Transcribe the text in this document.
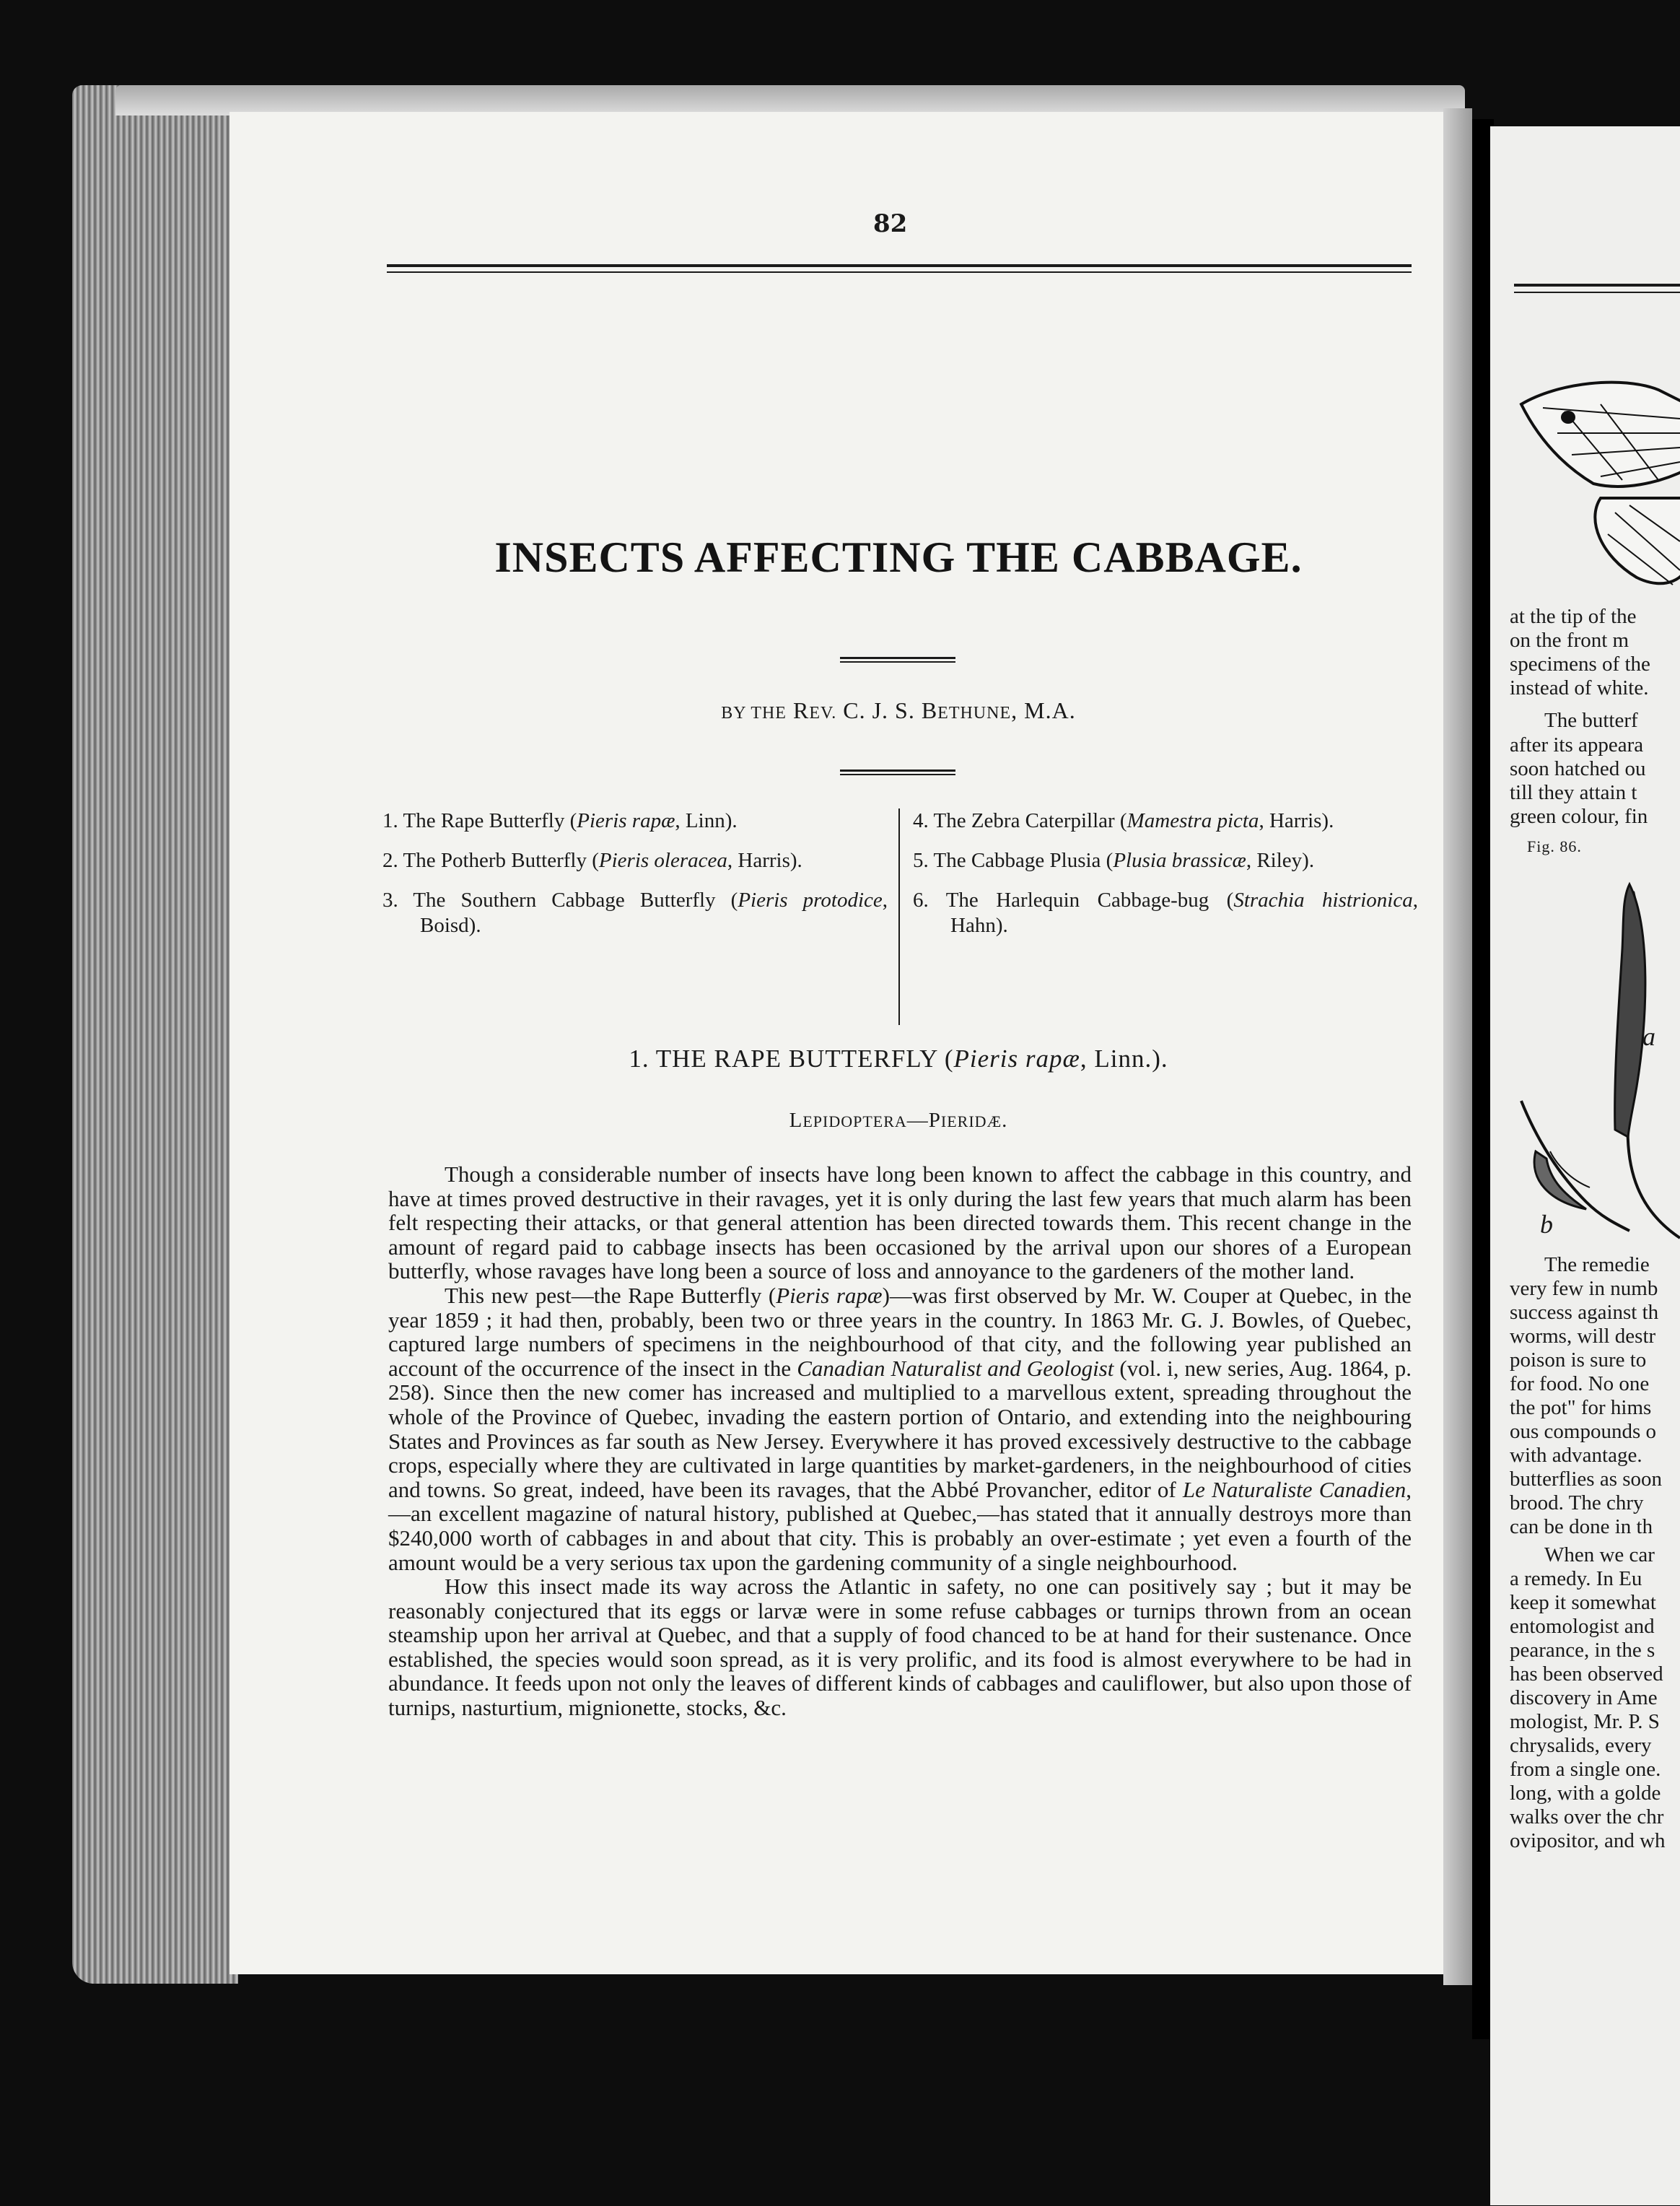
82
INSECTS AFFECTING THE CABBAGE.
BY THE REV. C. J. S. BETHUNE, M.A.
1. The Rape Butterfly (Pieris rapæ, Linn).
2. The Potherb Butterfly (Pieris oleracea, Harris).
3. The Southern Cabbage Butterfly (Pieris protodice, Boisd).
4. The Zebra Caterpillar (Mamestra picta, Harris).
5. The Cabbage Plusia (Plusia brassicæ, Riley).
6. The Harlequin Cabbage-bug (Strachia histrionica, Hahn).
1. THE RAPE BUTTERFLY (Pieris rapæ, Linn.).
LEPIDOPTERA—PIERIDÆ.

Though a considerable number of insects have long been known to affect the cabbage in this country, and have at times proved destructive in their ravages, yet it is only during the last few years that much alarm has been felt respecting their attacks, or that general attention has been directed towards them. This recent change in the amount of regard paid to cabbage insects has been occasioned by the arrival upon our shores of a European butterfly, whose ravages have long been a source of loss and annoyance to the gardeners of the mother land.

This new pest—the Rape Butterfly (Pieris rapæ)—was first observed by Mr. W. Couper at Quebec, in the year 1859 ; it had then, probably, been two or three years in the country. In 1863 Mr. G. J. Bowles, of Quebec, captured large numbers of specimens in the neighbourhood of that city, and the following year published an account of the occurrence of the insect in the Canadian Naturalist and Geologist (vol. i, new series, Aug. 1864, p. 258). Since then the new comer has increased and multiplied to a marvellous extent, spreading throughout the whole of the Province of Quebec, invading the eastern portion of Ontario, and extending into the neighbouring States and Provinces as far south as New Jersey. Everywhere it has proved excessively destructive to the cabbage crops, especially where they are cultivated in large quantities by market-gardeners, in the neighbourhood of cities and towns. So great, indeed, have been its ravages, that the Abbé Provancher, editor of Le Naturaliste Canadien, —an excellent magazine of natural history, published at Quebec,—has stated that it annually destroys more than $240,000 worth of cabbages in and about that city. This is probably an over-estimate ; yet even a fourth of the amount would be a very serious tax upon the gardening community of a single neighbourhood.

How this insect made its way across the Atlantic in safety, no one can positively say ; but it may be reasonably conjectured that its eggs or larvæ were in some refuse cabbages or turnips thrown from an ocean steamship upon her arrival at Quebec, and that a supply of food chanced to be at hand for their sustenance. Once established, the species would soon spread, as it is very prolific, and its food is almost everywhere to be had in abundance. It feeds upon not only the leaves of different kinds of cabbages and cauliflower, but also upon those of turnips, nasturtium, mignionette, stocks, &c.

at the tip of the
on the front m
specimens of the
instead of white.
The butterf
after its appeara
soon hatched ou
till they attain t
green colour, fin
Fig. 86.
a
b
The remedie
very few in numb
success against th
worms, will destr
poison is sure to
for food. No one
the pot" for hims
ous compounds o
with advantage.
butterflies as soon
brood. The chry
can be done in th
When we car
a remedy. In Eu
keep it somewhat
entomologist and
pearance, in the s
has been observed
discovery in Ame
mologist, Mr. P. S
chrysalids, every
from a single one.
long, with a golde
walks over the chr
ovipositor, and wh
